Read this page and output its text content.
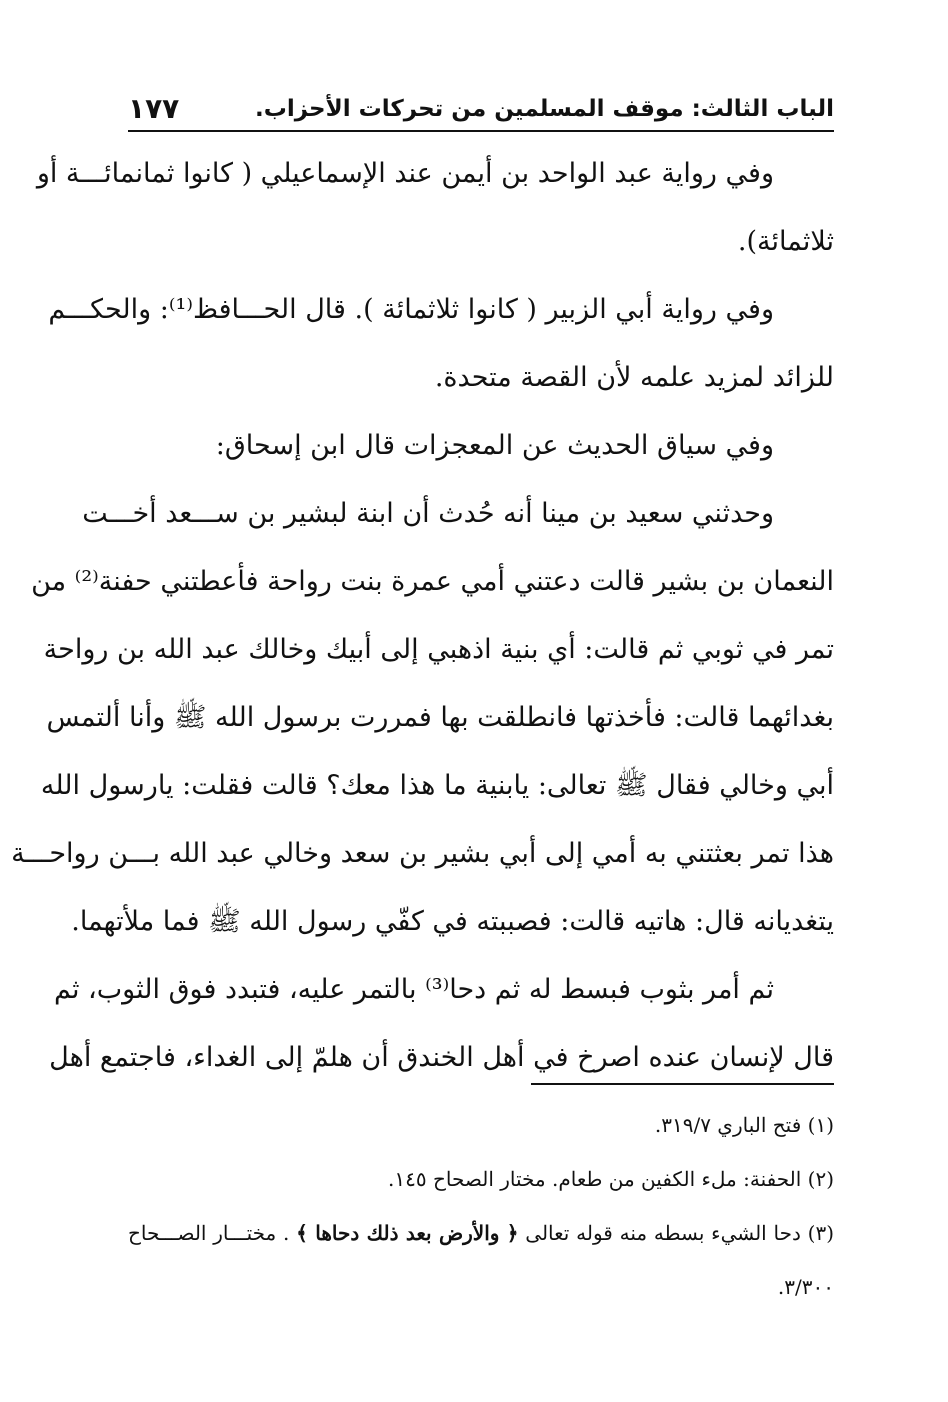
الباب الثالث: موقف المسلمين من تحركات الأحزاب.
١٧٧
وفي رواية عبد الواحد بن أيمن عند الإسماعيلي ( كانوا ثمانمائـــة أو
ثلاثمائة).
وفي رواية أبي الزبير ( كانوا ثلاثمائة ). قال الحـــافظ⁽¹⁾: والحكـــم
للزائد لمزيد علمه لأن القصة متحدة.
وفي سياق الحديث عن المعجزات قال ابن إسحاق:
وحدثني سعيد بن مينا أنه حُدث أن ابنة لبشير بن ســـعد أخـــت
النعمان بن بشير قالت دعتني أمي عمرة بنت رواحة فأعطتني حفنة⁽²⁾ من
تمر في ثوبي ثم قالت: أي بنية اذهبي إلى أبيك وخالك عبد الله بن رواحة
بغدائهما قالت: فأخذتها فانطلقت بها فمررت برسول الله ﷺ وأنا ألتمس
أبي وخالي فقال ﷺ تعالى: يابنية ما هذا معك؟ قالت فقلت: يارسول الله
هذا تمر بعثتني به أمي إلى أبي بشير بن سعد وخالي عبد الله بـــن رواحـــة
يتغديانه قال: هاتيه قالت: فصببته في كفّي رسول الله ﷺ فما ملأتهما.
ثم أمر بثوب فبسط له ثم دحا⁽³⁾ بالتمر عليه، فتبدد فوق الثوب، ثم
قال لإنسان عنده اصرخ في أهل الخندق أن هلمّ إلى الغداء، فاجتمع أهل
(١) فتح الباري ٣١٩/٧.
(٢) الحفنة: ملء الكفين من طعام. مختار الصحاح ١٤٥.
(٣) دحا الشيء بسطه منه قوله تعالى ﴿ والأرض بعد ذلك دحاها ﴾ . مختـــار الصـــحاح
٣/٣٠٠.
